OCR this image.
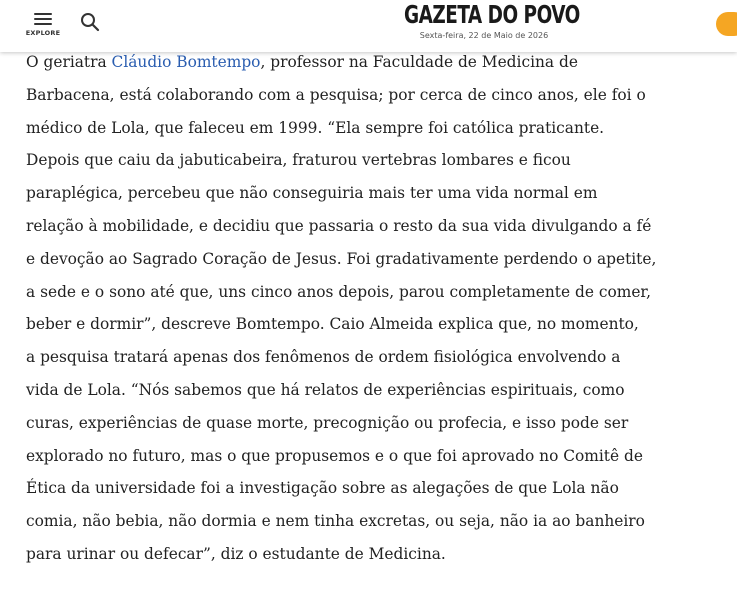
EXPLORE
GAZETA DO POVO
Sexta-feira, 22 de Maio de 2026
O geriatra Cláudio Bomtempo, professor na Faculdade de Medicina de
Barbacena, está colaborando com a pesquisa; por cerca de cinco anos, ele foi o
médico de Lola, que faleceu em 1999. “Ela sempre foi católica praticante.
Depois que caiu da jabuticabeira, fraturou vertebras lombares e ficou
paraplégica, percebeu que não conseguiria mais ter uma vida normal em
relação à mobilidade, e decidiu que passaria o resto da sua vida divulgando a fé
e devoção ao Sagrado Coração de Jesus. Foi gradativamente perdendo o apetite,
a sede e o sono até que, uns cinco anos depois, parou completamente de comer,
beber e dormir”, descreve Bomtempo. Caio Almeida explica que, no momento,
a pesquisa tratará apenas dos fenômenos de ordem fisiológica envolvendo a
vida de Lola. “Nós sabemos que há relatos de experiências espirituais, como
curas, experiências de quase morte, precognição ou profecia, e isso pode ser
explorado no futuro, mas o que propusemos e o que foi aprovado no Comitê de
Ética da universidade foi a investigação sobre as alegações de que Lola não
comia, não bebia, não dormia e nem tinha excretas, ou seja, não ia ao banheiro
para urinar ou defecar”, diz o estudante de Medicina.
